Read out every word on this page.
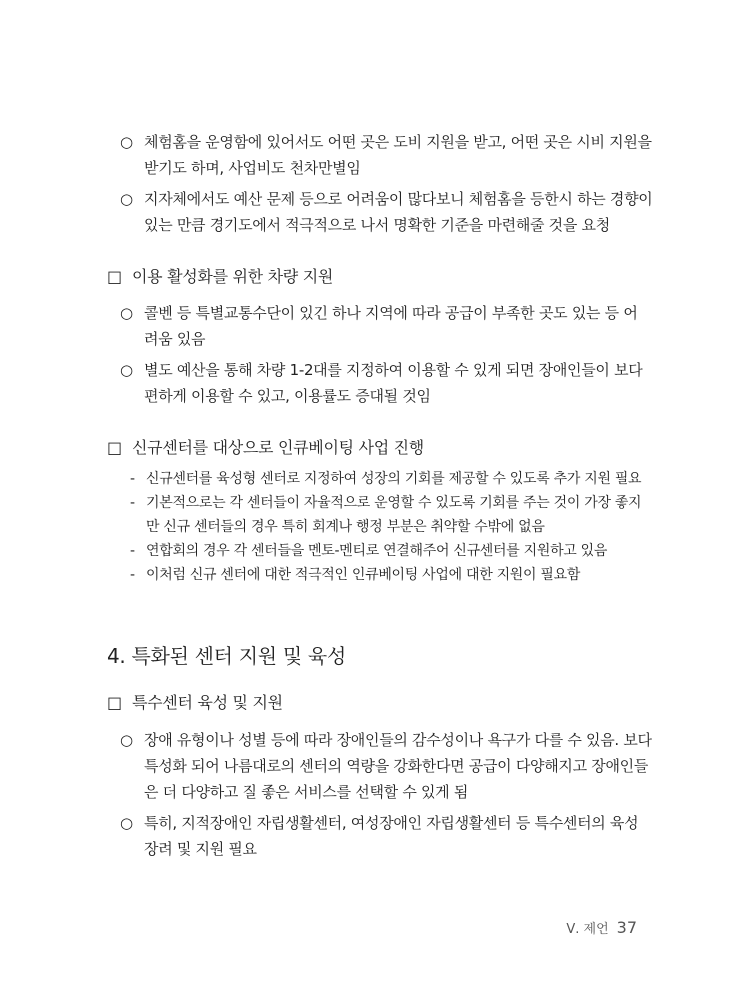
○ 체험홈을 운영함에 있어서도 어떤 곳은 도비 지원을 받고, 어떤 곳은 시비 지원을
받기도 하며, 사업비도 천차만별임
○ 지자체에서도 예산 문제 등으로 어려움이 많다보니 체험홈을 등한시 하는 경향이
있는 만큼 경기도에서 적극적으로 나서 명확한 기준을 마련해줄 것을 요청
□ 이용 활성화를 위한 차량 지원
○ 콜벤 등 특별교통수단이 있긴 하나 지역에 따라 공급이 부족한 곳도 있는 등 어
려움 있음
○ 별도 예산을 통해 차량 1-2대를 지정하여 이용할 수 있게 되면 장애인들이 보다
편하게 이용할 수 있고, 이용률도 증대될 것임
□ 신규센터를 대상으로 인큐베이팅 사업 진행
- 신규센터를 육성형 센터로 지정하여 성장의 기회를 제공할 수 있도록 추가 지원 필요
- 기본적으로는 각 센터들이 자율적으로 운영할 수 있도록 기회를 주는 것이 가장 좋지
만 신규 센터들의 경우 특히 회계나 행정 부분은 취약할 수밖에 없음
- 연합회의 경우 각 센터들을 멘토-멘티로 연결해주어 신규센터를 지원하고 있음
- 이처럼 신규 센터에 대한 적극적인 인큐베이팅 사업에 대한 지원이 필요함
4. 특화된 센터 지원 및 육성
□ 특수센터 육성 및 지원
○ 장애 유형이나 성별 등에 따라 장애인들의 감수성이나 욕구가 다를 수 있음. 보다
특성화 되어 나름대로의 센터의 역량을 강화한다면 공급이 다양해지고 장애인들
은 더 다양하고 질 좋은 서비스를 선택할 수 있게 됨
○ 특히, 지적장애인 자립생활센터, 여성장애인 자립생활센터 등 특수센터의 육성
장려 및 지원 필요
Ⅴ. 제언 37
